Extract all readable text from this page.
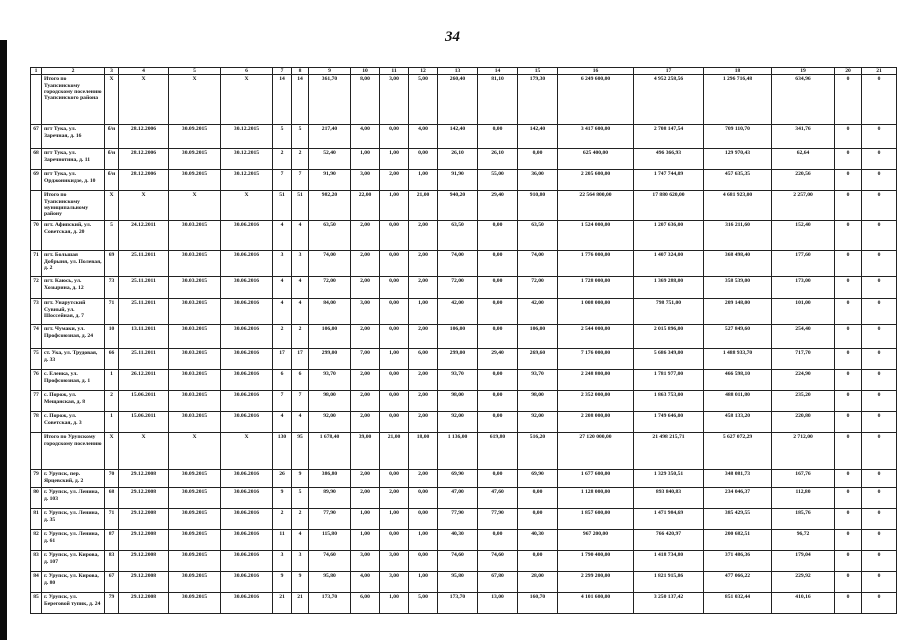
34
1	2	3	4	5	6	7	8	9	10	11	12	13	14	15	16	17	18	19	20	21
	Итого по Туапсинскому городскому поселению Туапсинского района	X	X	X	X	14	14	361,70	8,00	3,00	5,00	260,40	81,10	179,30	6 249 600,00	4 952 258,56	1 296 716,48	634,96	0	0
67	пгт Тука, ул. Заречная, д. 16	б/н	28.12.2006	30.09.2015	30.12.2015	5	5	217,40	4,00	0,00	4,00	142,40	0,00	142,40	3 417 600,00	2 708 147,54	709 110,70	341,76	0	0
68	пгт Тука, ул. Заречнотина, д. 11	б/н	28.12.2006	30.09.2015	30.12.2015	2	2	52,40	1,00	1,00	0,00	26,10	26,10	0,00	625 400,00	496 366,93	129 970,43	62,64	0	0
69	пгт Тука, ул. Орджоникидзе, д. 10	б/н	28.12.2006	30.09.2015	30.12.2015	7	7	91,90	3,00	2,00	1,00	91,90	55,00	36,00	2 205 600,00	1 747 744,09	457 635,35	220,56	0	0
	Итого по Туапсинскому муниципальному району	X	X	X	X	51	51	982,20	22,00	1,00	21,00	940,20	29,40	910,80	22 564 800,00	17 880 620,00	4 681 923,00	2 257,00	0	0
70	пгт. Афипский, ул. Советская, д. 20	5	24.12.2011	30.03.2015	30.06.2016	4	4	63,50	2,00	0,00	2,00	63,50	0,00	63,50	1 524 000,00	1 207 636,00	316 211,60	152,40	0	0
71	пгт. Большая Добрыня, ул. Полевая, д. 2	69	25.11.2011	30.03.2015	30.06.2016	3	3	74,00	2,00	0,00	2,00	74,00	0,00	74,00	1 776 000,00	1 407 324,00	368 498,40	177,60	0	0
72	пгт. Каюсь, ул. Хозырина, д. 12	73	25.11.2011	30.03.2015	30.06.2016	4	4	72,00	2,00	0,00	2,00	72,00	0,00	72,00	1 728 000,00	1 369 288,00	358 539,00	173,00	0	0
73	пгт. Унарутский Сувный, ул. Шоссейная, д. 7	71	25.11.2011	30.03.2015	30.06.2016	4	4	84,00	3,00	0,00	1,00	42,00	0,00	42,00	1 008 000,00	798 751,00	209 148,00	101,00	0	0
74	пгт. Чумаки, ул. Профсоюзная, д. 24	10	13.11.2011	30.03.2015	30.06.2016	2	2	106,00	2,00	0,00	2,00	106,00	0,00	106,00	2 544 000,00	2 015 896,00	527 849,60	254,40	0	0
75	ст. Ука, ул. Трудовая, д. 33	66	25.11.2011	30.03.2015	30.06.2016	17	17	299,00	7,00	1,00	6,00	299,00	29,40	269,60	7 176 000,00	5 686 349,00	1 488 933,70	717,70	0	0
76	с. Еленка, ул. Профсоюзная, д. 1	1	26.12.2011	30.03.2015	30.06.2016	6	6	93,70	2,00	0,00	2,00	93,70	0,00	93,70	2 248 800,00	1 781 977,00	466 598,10	224,90	0	0
77	с. Порож, ул. Мещанская, д. 8	2	15.06.2011	30.03.2015	30.06.2016	7	7	98,00	2,00	0,00	2,00	98,00	0,00	98,00	2 352 000,00	1 863 753,00	488 011,80	235,20	0	0
78	с. Порож, ул. Советская, д. 3	1	15.06.2011	30.03.2015	30.06.2016	4	4	92,00	2,00	0,00	2,00	92,00	0,00	92,00	2 208 000,00	1 749 646,00	458 133,20	220,80	0	0
	Итого по Урупскому городскому поселению	X	X	X	X	130	95	1 678,40	39,00	21,00	18,00	1 136,00	619,80	516,20	27 120 000,00	21 498 215,71	5 627 072,29	2 712,00	0	0
79	г. Урупск, пер. Ярцевский, д. 2	70	29.12.2008	30.09.2015	30.06.2016	26	9	386,80	2,00	0,00	2,00	69,90	0,00	69,90	1 677 600,00	1 329 350,51	348 081,73	167,76	0	0
80	г. Урупск, ул. Ленина, д. 103	68	29.12.2008	30.09.2015	30.06.2016	9	5	89,90	2,00	2,00	0,00	47,00	47,60	0,00	1 128 000,00	893 840,83	234 046,37	112,80	0	0
81	г. Урупск, ул. Ленина, д. 35	71	29.12.2008	30.09.2015	30.06.2016	2	2	77,90	1,00	1,00	0,00	77,90	77,90	0,00	1 857 600,00	1 471 984,69	385 429,55	185,76	0	0
82	г. Урупск, ул. Ленина, д. 61	87	29.12.2008	30.09.2015	30.06.2016	11	4	115,80	1,00	0,00	1,00	40,30	0,00	40,30	967 200,00	766 420,97	200 682,51	96,72	0	0
83	г. Урупск, ул. Кирова, д. 107	83	29.12.2008	30.09.2015	30.06.2016	3	3	74,60	3,00	3,00	0,00	74,60	74,60	0,00	1 790 400,00	1 418 734,80	371 486,36	179,04	0	0
84	г. Урупск, ул. Кирова, д. 80	67	29.12.2008	30.09.2015	30.06.2016	9	9	95,80	4,00	3,00	1,00	95,80	67,80	28,00	2 299 200,00	1 821 915,86	477 066,22	229,92	0	0
85	г. Урупск, ул. Береговой тупик, д. 24	79	29.12.2008	30.09.2015	30.06.2016	21	21	173,70	6,00	1,00	5,00	173,70	13,00	160,70	4 101 600,00	3 250 137,42	851 032,44	410,16	0	0
